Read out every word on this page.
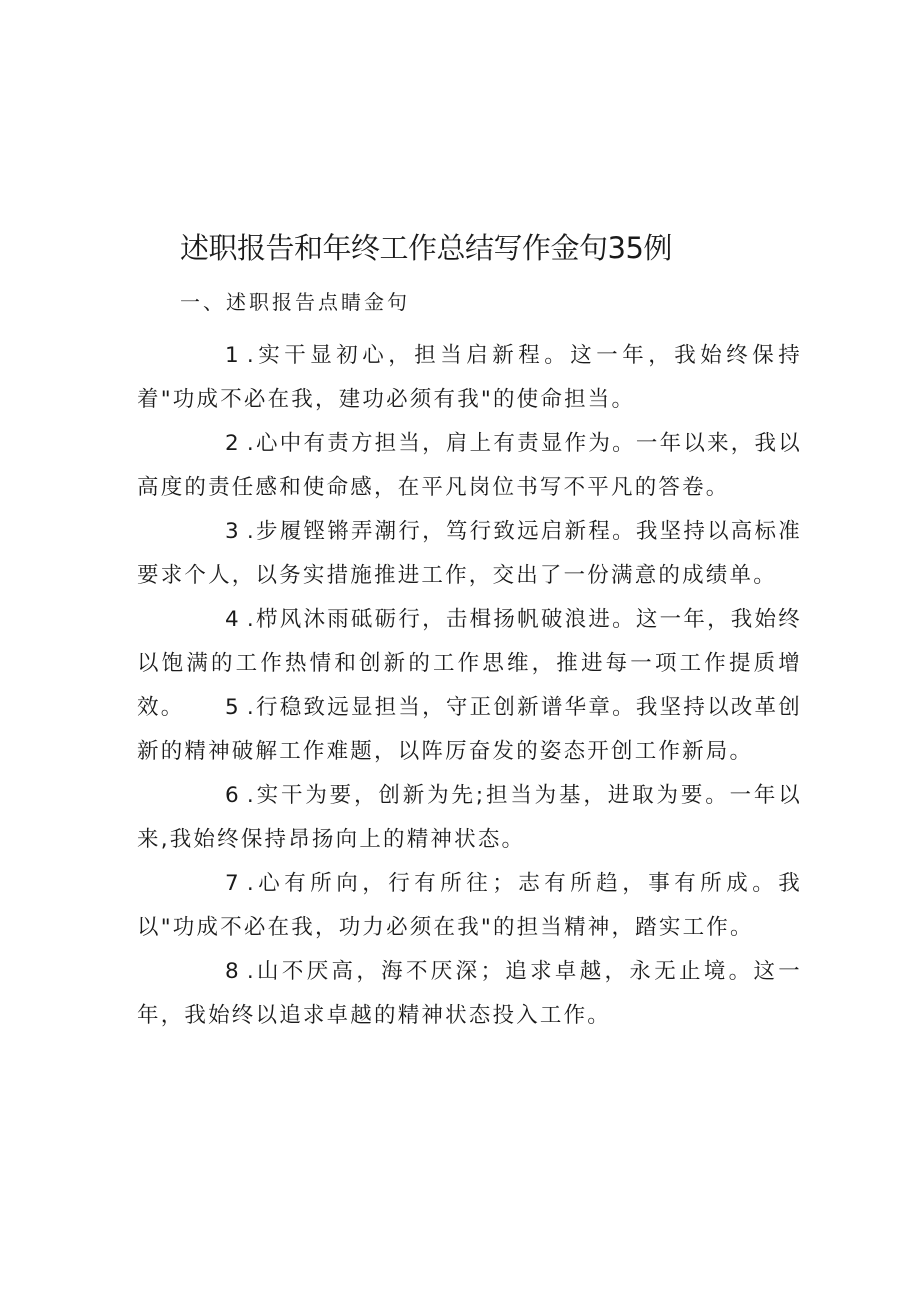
述职报告和年终工作总结写作金句35例

一、述职报告点睛金句

1 .实干显初心，担当启新程。这一年，我始终保持着"功成不必在我，建功必须有我"的使命担当。

2 .心中有责方担当，肩上有责显作为。一年以来，我以高度的责任感和使命感，在平凡岗位书写不平凡的答卷。

3 .步履铿锵弄潮行，笃行致远启新程。我坚持以高标准要求个人，以务实措施推进工作，交出了一份满意的成绩单。

4 .栉风沐雨砥砺行，击楫扬帆破浪进。这一年，我始终以饱满的工作热情和创新的工作思维，推进每一项工作提质增效。	5 .行稳致远显担当，守正创新谱华章。我坚持以改革创新的精神破解工作难题，以阵厉奋发的姿态开创工作新局。

6 .实干为要，创新为先;担当为基，进取为要。一年以来,我始终保持昂扬向上的精神状态。

7 .心有所向，行有所往；志有所趋，事有所成。我以"功成不必在我，功力必须在我"的担当精神，踏实工作。

8 .山不厌高，海不厌深；追求卓越，永无止境。这一年，我始终以追求卓越的精神状态投入工作。
